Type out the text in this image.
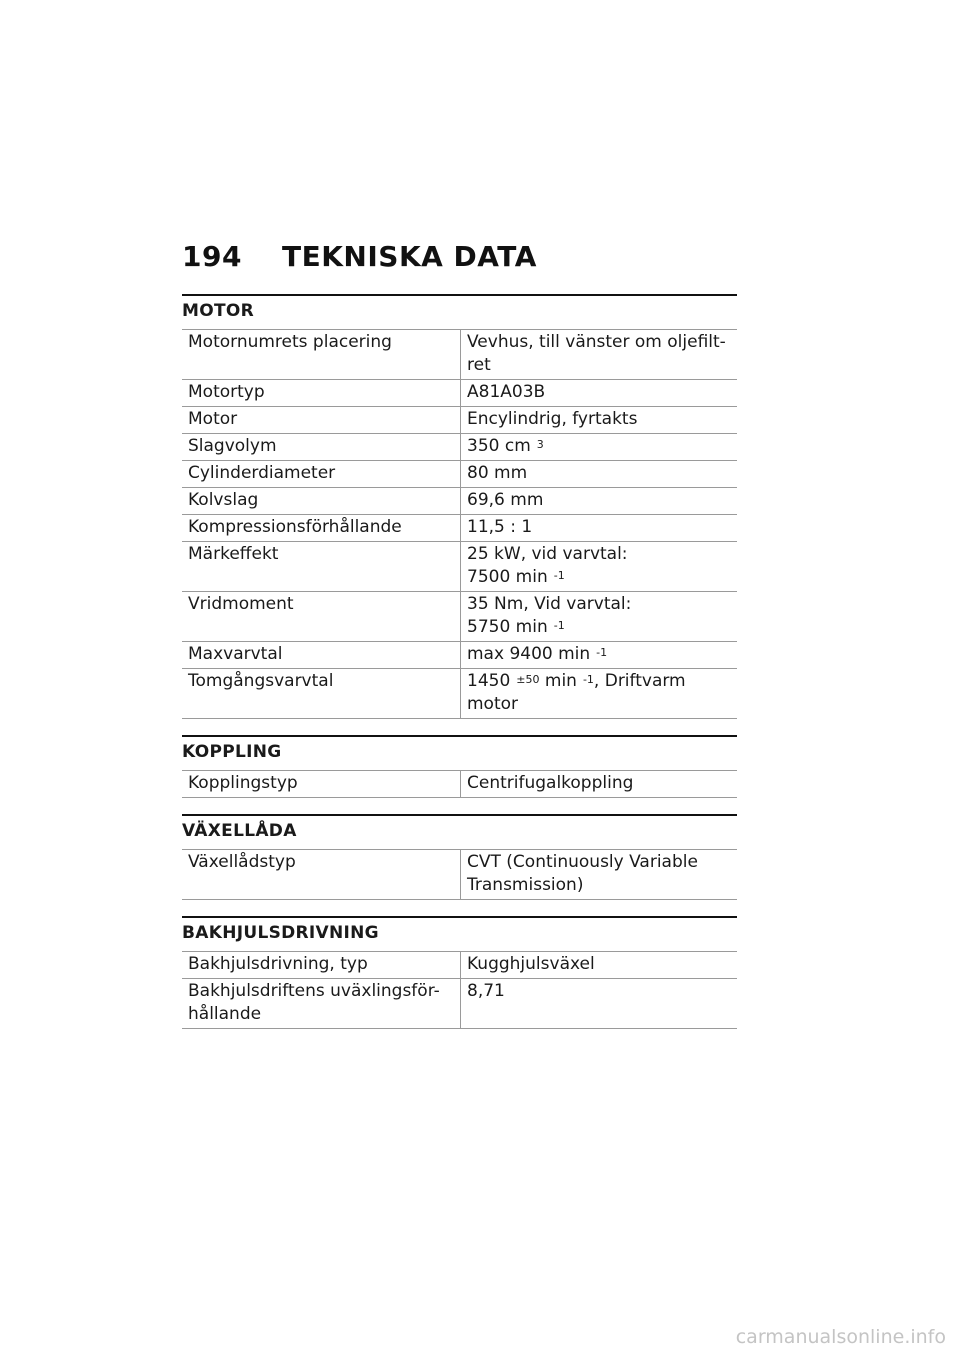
194 TEKNISKA DATA
MOTOR
Motornumrets placering	Vevhus, till vänster om oljefilt-
ret
Motortyp	A81A03B
Motor	Encylindrig, fyrtakts
Slagvolym	350 cm $^3$
Cylinderdiameter	80 mm
Kolvslag	69,6 mm
Kompressionsförhållande	11,5 : 1
Märkeffekt	25 kW, vid varvtal:
7500 min $^{-1}$
Vridmoment	35 Nm, Vid varvtal:
5750 min $^{-1}$
Maxvarvtal	max 9400 min $^{-1}$
Tomgångsvarvtal	1450 $^{\pm 50}$ min $^{-1}$, Driftvarm
motor
KOPPLING
Kopplingstyp	Centrifugalkoppling
VÄXELLÅDA
Växellådstyp	CVT (Continuously Variable
Transmission)
BAKHJULSDRIVNING
Bakhjulsdrivning, typ	Kugghjulsväxel
Bakhjulsdriftens uväxlingsför-
hållande	8,71
carmanualsonline.info
